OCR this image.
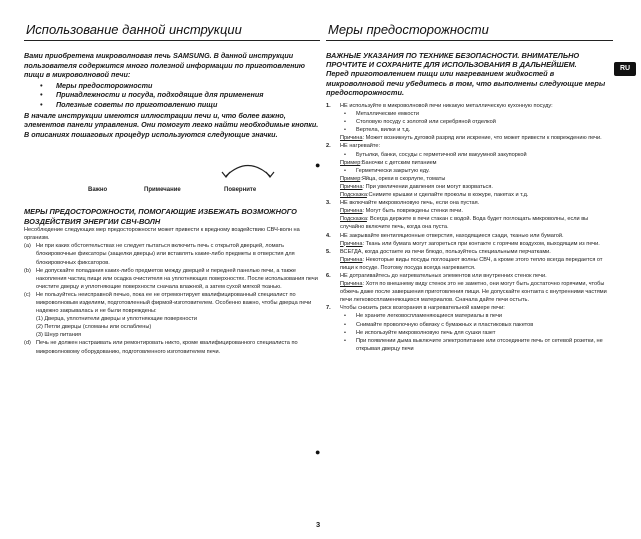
Использование данной инструкции
Вами приобретена микроволновая печь SAMSUNG. В данной инструкции пользователя содержится много полезной информации по приготовлению пищи в микроволновой печи:
• Меры предосторожности
• Принадлежности и посуда, подходящие для применения
• Полезные советы по приготовлению пищи
В начале инструкции имеются иллюстрации печи и, что более важно, элементов панели управления. Они помогут легко найти необходимые кнопки.
В описаниях пошаговых процедур используются следующие значки.
Важно	Примечание	Поверните
МЕРЫ ПРЕДОСТОРОЖНОСТИ, ПОМОГАЮЩИЕ ИЗБЕЖАТЬ ВОЗМОЖНОГО ВОЗДЕЙСТВИЯ ЭНЕРГИИ СВЧ-ВОЛН
Несоблюдение следующих мер предосторожности может привести к вредному воздействию СВЧ-волн на организм.
(a) Ни при каких обстоятельствах не следует пытаться включить печь с открытой дверцей, ломать блокировочные фиксаторы (защелки дверцы) или вставлять какие-либо предметы в отверстия для блокировочных фиксаторов.
(b) Не допускайте попадания каких-либо предметов между дверцей и передней панелью печи, а также накопления частиц пищи или осадка очистителя на уплотняющих поверхностях. После использования печи очистите дверцу и уплотняющие поверхности сначала влажной, а затем сухой мягкой тканью.
(c) Не пользуйтесь неисправной печью, пока ее не отремонтирует квалифицированный специалист по микроволновым изделиям, подготовленный фирмой-изготовителем. Особенно важно, чтобы дверца печи надежно закрывалась и не были повреждены:
(1) Дверца, уплотнители дверцы и уплотняющие поверхности
(2) Петли дверцы (сломаны или ослаблены)
(3) Шнур питания
(d) Печь не должен настраивать или ремонтировать никто, кроме квалифицированного специалиста по микроволновому оборудованию, подготовленного изготовителем печи.
Меры предосторожности
ВАЖНЫЕ УКАЗАНИЯ ПО ТЕХНИКЕ БЕЗОПАСНОСТИ. ВНИМАТЕЛЬНО ПРОЧТИТЕ И СОХРАНИТЕ ДЛЯ ИСПОЛЬЗОВАНИЯ В ДАЛЬНЕЙШЕМ.
Перед приготовлением пищи или нагреванием жидкостей в микроволновой печи убедитесь в том, что выполнены следующие меры предосторожности.
1. НЕ используйте в микроволновой печи никакую металлическую кухонную посуду:
• Металлические емкости
• Столовую посуду с золотой или серебряной отделкой
• Вертела, вилки и т.д.
Причина: Может возникнуть дуговой разряд или искрение, что может привести к повреждению печи.
2. НЕ нагревайте:
• Бутылки, банки, сосуды с герметичной или вакуумной закупоркой
Пример:Баночки с детским питанием
• Герметически закрытую еду.
Пример:Яйца, орехи в скорлупе, томаты
Причина: При увеличении давления они могут взорваться.
Подсказка:Снимите крышки и сделайте проколы в кожуре, пакетах и т.д.
3. НЕ включайте микроволновую печь, если она пустая.
Причина: Могут быть повреждены стенки печи.
Подсказка: Всегда держите в печи стакан с водой. Вода будет поглощать микроволны, если вы случайно включите печь, когда она пуста.
4. НЕ закрывайте вентиляционные отверстия, находящиеся сзади, тканью или бумагой.
Причина: Ткань или бумага могут загореться при контакте с горячим воздухом, выходящим из печи.
5. ВСЕГДА, когда достаете из печи блюдо, пользуйтесь специальными перчатками.
Причина: Некоторые виды посуды поглощают волны СВЧ, а кроме этого тепло всегда передается от пищи к посуде. Поэтому посуда всегда нагревается.
6. НЕ дотрагивайтесь до нагревательных элементов или внутренних стенок печи.
Причина: Хотя по внешнему виду стенок это не заметно, они могут быть достаточно горячими, чтобы обжечь даже после завершения приготовления пищи. Не допускайте контакта с внутренними частями печи легковоспламеняющихся материалов. Сначала дайте печи остыть.
7. Чтобы снизить риск возгорания в нагревательной камере печи:
• Не храните легковоспламеняющиеся материалы в печи
• Снимайте проволочную обвязку с бумажных и пластиковых пакетов
• Не используйте микроволновую печь для сушки газет
• При появлении дыма выключите электропитание или отсоедините печь от сетевой розетки, не открывая дверцу печи
RU
●
●
3
